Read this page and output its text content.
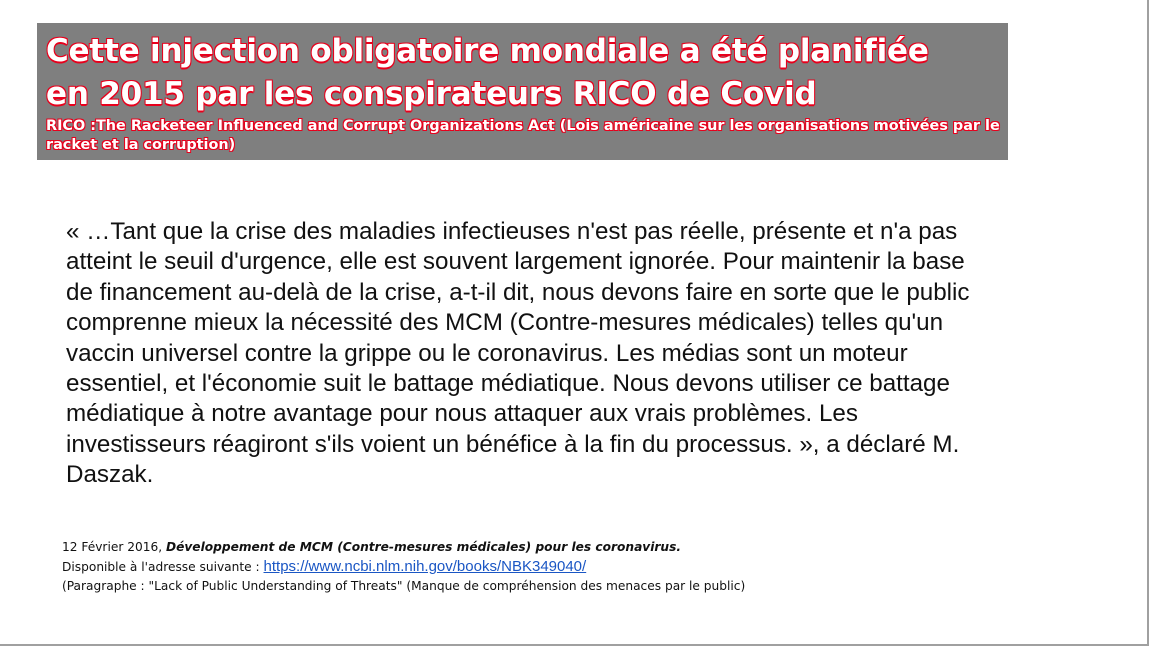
Cette injection obligatoire mondiale a été planifiée
en 2015 par les conspirateurs RICO de Covid

RICO :The Racketeer Influenced and Corrupt Organizations Act (Lois américaine sur les organisations motivées par le racket et la corruption)

« …Tant que la crise des maladies infectieuses n'est pas réelle, présente et n'a pas atteint le seuil d'urgence, elle est souvent largement ignorée. Pour maintenir la base de financement au-delà de la crise, a-t-il dit, nous devons faire en sorte que le public comprenne mieux la nécessité des MCM (Contre-mesures médicales) telles qu'un vaccin universel contre la grippe ou le coronavirus. Les médias sont un moteur essentiel, et l'économie suit le battage médiatique. Nous devons utiliser ce battage médiatique à notre avantage pour nous attaquer aux vrais problèmes. Les investisseurs réagiront s'ils voient un bénéfice à la fin du processus. », a déclaré M. Daszak.

12 Février 2016, Développement de MCM (Contre-mesures médicales) pour les coronavirus.
Disponible à l'adresse suivante : https://www.ncbi.nlm.nih.gov/books/NBK349040/
(Paragraphe : "Lack of Public Understanding of Threats" (Manque de compréhension des menaces par le public)
